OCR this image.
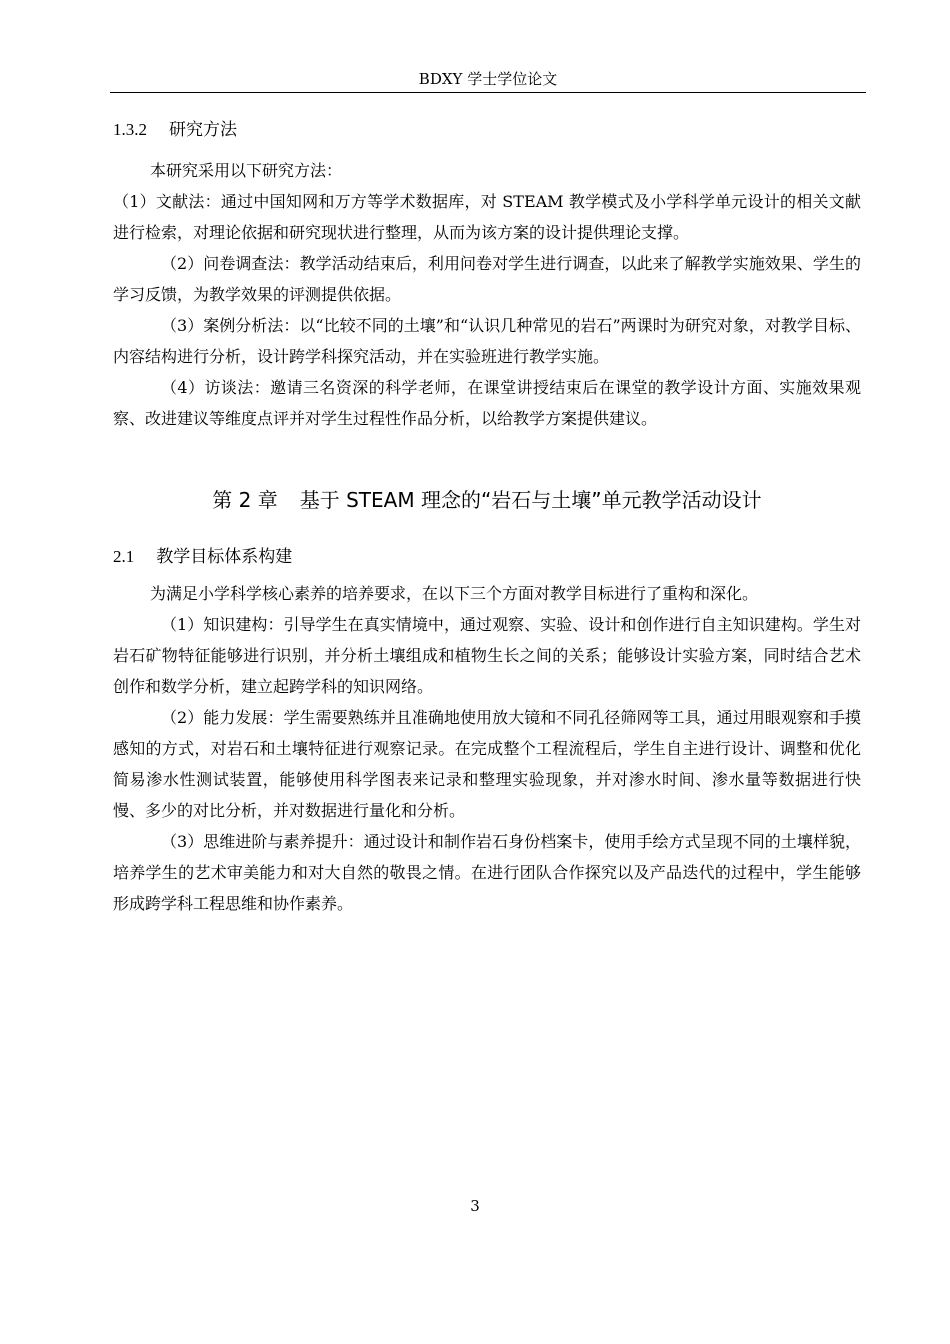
BDXY 学士学位论文
1.3.2 研究方法

本研究采用以下研究方法：

（1）文献法：通过中国知网和万方等学术数据库，对 STEAM 教学模式及小学科学单元设计的相关文献进行检索，对理论依据和研究现状进行整理，从而为该方案的设计提供理论支撑。

（2）问卷调查法：教学活动结束后，利用问卷对学生进行调查，以此来了解教学实施效果、学生的学习反馈，为教学效果的评测提供依据。

（3）案例分析法：以“比较不同的土壤”和“认识几种常见的岩石”两课时为研究对象，对教学目标、内容结构进行分析，设计跨学科探究活动，并在实验班进行教学实施。

（4）访谈法：邀请三名资深的科学老师，在课堂讲授结束后在课堂的教学设计方面、实施效果观察、改进建议等维度点评并对学生过程性作品分析，以给教学方案提供建议。

第 2 章 基于 STEAM 理念的“岩石与土壤”单元教学活动设计
2.1 教学目标体系构建

为满足小学科学核心素养的培养要求，在以下三个方面对教学目标进行了重构和深化。

（1）知识建构：引导学生在真实情境中，通过观察、实验、设计和创作进行自主知识建构。学生对岩石矿物特征能够进行识别，并分析土壤组成和植物生长之间的关系；能够设计实验方案，同时结合艺术创作和数学分析，建立起跨学科的知识网络。

（2）能力发展：学生需要熟练并且准确地使用放大镜和不同孔径筛网等工具，通过用眼观察和手摸感知的方式，对岩石和土壤特征进行观察记录。在完成整个工程流程后，学生自主进行设计、调整和优化简易渗水性测试装置，能够使用科学图表来记录和整理实验现象，并对渗水时间、渗水量等数据进行快慢、多少的对比分析，并对数据进行量化和分析。

（3）思维进阶与素养提升：通过设计和制作岩石身份档案卡，使用手绘方式呈现不同的土壤样貌，培养学生的艺术审美能力和对大自然的敬畏之情。在进行团队合作探究以及产品迭代的过程中，学生能够形成跨学科工程思维和协作素养。

3
